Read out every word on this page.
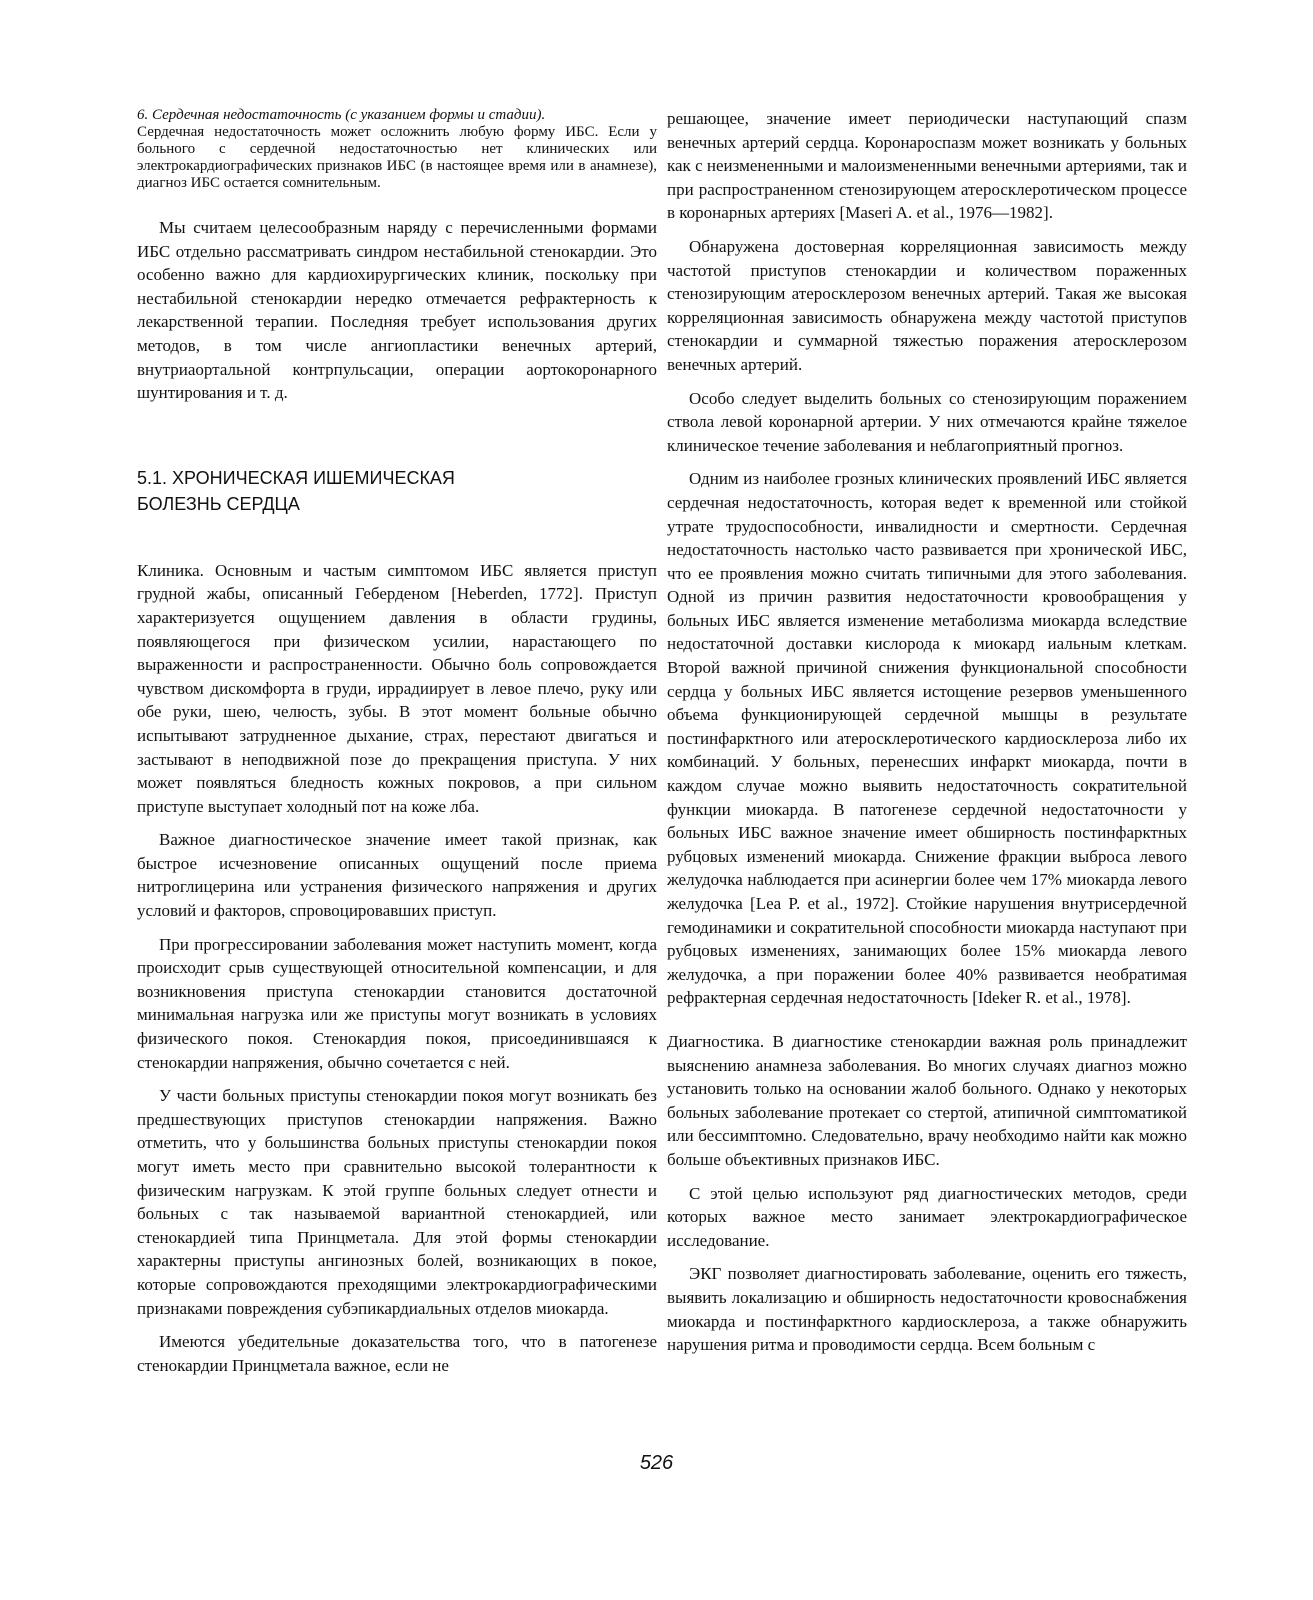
6. Сердечная недостаточность (с указанием формы и стадии).

Сердечная недостаточность может осложнить любую форму ИБС. Если у больного с сердечной недостаточностью нет клинических или электрокардиографических признаков ИБС (в настоящее время или в анамнезе), диагноз ИБС остается сомнительным.

Мы считаем целесообразным наряду с перечисленными формами ИБС отдельно рассматривать синдром нестабильной стенокардии. Это особенно важно для кардиохирургических клиник, поскольку при нестабильной стенокардии нередко отмечается рефрактерность к лекарственной терапии. Последняя требует использования других методов, в том числе ангиопластики венечных артерий, внутриаортальной контрпульсации, операции аортокоронарного шунтирования и т. д.

5.1. ХРОНИЧЕСКАЯ ИШЕМИЧЕСКАЯ
БОЛЕЗНЬ СЕРДЦА

Клиника. Основным и частым симптомом ИБС является приступ грудной жабы, описанный Геберденом [Heberden, 1772]. Приступ характеризуется ощущением давления в области грудины, появляющегося при физическом усилии, нарастающего по выраженности и распространенности. Обычно боль сопровождается чувством дискомфорта в груди, иррадиирует в левое плечо, руку или обе руки, шею, челюсть, зубы. В этот момент больные обычно испытывают затрудненное дыхание, страх, перестают двигаться и застывают в неподвижной позе до прекращения приступа. У них может появляться бледность кожных покровов, а при сильном приступе выступает холодный пот на коже лба.

Важное диагностическое значение имеет такой признак, как быстрое исчезновение описанных ощущений после приема нитроглицерина или устранения физического напряжения и других условий и факторов, спровоцировавших приступ.

При прогрессировании заболевания может наступить момент, когда происходит срыв существующей относительной компенсации, и для возникновения приступа стенокардии становится достаточной минимальная нагрузка или же приступы могут возникать в условиях физического покоя. Стенокардия покоя, присоединившаяся к стенокардии напряжения, обычно сочетается с ней.

У части больных приступы стенокардии покоя могут возникать без предшествующих приступов стенокардии напряжения. Важно отметить, что у большинства больных приступы стенокардии покоя могут иметь место при сравнительно высокой толерантности к физическим нагрузкам. К этой группе больных следует отнести и больных с так называемой вариантной стенокардией, или стенокардией типа Принцметала. Для этой формы стенокардии характерны приступы ангинозных болей, возникающих в покое, которые сопровождаются преходящими электрокардиографическими признаками повреждения субэпикардиальных отделов миокарда.

Имеются убедительные доказательства того, что в патогенезе стенокардии Принцметала важное, если не

решающее, значение имеет периодически наступающий спазм венечных артерий сердца. Коронароспазм может возникать у больных как с неизмененными и малоизмененными венечными артериями, так и при распространенном стенозирующем атеросклеротическом процессе в коронарных артериях [Maseri A. et al., 1976—1982].

Обнаружена достоверная корреляционная зависимость между частотой приступов стенокардии и количеством пораженных стенозирующим атеросклерозом венечных артерий. Такая же высокая корреляционная зависимость обнаружена между частотой приступов стенокардии и суммарной тяжестью поражения атеросклерозом венечных артерий.

Особо следует выделить больных со стенозирующим поражением ствола левой коронарной артерии. У них отмечаются крайне тяжелое клиническое течение заболевания и неблагоприятный прогноз.

Одним из наиболее грозных клинических проявлений ИБС является сердечная недостаточность, которая ведет к временной или стойкой утрате трудоспособности, инвалидности и смертности. Сердечная недостаточность настолько часто развивается при хронической ИБС, что ее проявления можно считать типичными для этого заболевания. Одной из причин развития недостаточности кровообращения у больных ИБС является изменение метаболизма миокарда вследствие недостаточной доставки кислорода к миокард иальным клеткам. Второй важной причиной снижения функциональной способности сердца у больных ИБС является истощение резервов уменьшенного объема функционирующей сердечной мышцы в результате постинфарктного или атеросклеротического кардиосклероза либо их комбинаций. У больных, перенесших инфаркт миокарда, почти в каждом случае можно выявить недостаточность сократительной функции миокарда. В патогенезе сердечной недостаточности у больных ИБС важное значение имеет обширность постинфарктных рубцовых изменений миокарда. Снижение фракции выброса левого желудочка наблюдается при асинергии более чем 17% миокарда левого желудочка [Lea P. et al., 1972]. Стойкие нарушения внутрисердечной гемодинамики и сократительной способности миокарда наступают при рубцовых изменениях, занимающих более 15% миокарда левого желудочка, а при поражении более 40% развивается необратимая рефрактерная сердечная недостаточность [Ideker R. et al., 1978].

Диагностика. В диагностике стенокардии важная роль принадлежит выяснению анамнеза заболевания. Во многих случаях диагноз можно установить только на основании жалоб больного. Однако у некоторых больных заболевание протекает со стертой, атипичной симптоматикой или бессимптомно. Следовательно, врачу необходимо найти как можно больше объективных признаков ИБС.

С этой целью используют ряд диагностических методов, среди которых важное место занимает электрокардиографическое исследование.

ЭКГ позволяет диагностировать заболевание, оценить его тяжесть, выявить локализацию и обширность недостаточности кровоснабжения миокарда и постинфарктного кардиосклероза, а также обнаружить нарушения ритма и проводимости сердца. Всем больным с

526
